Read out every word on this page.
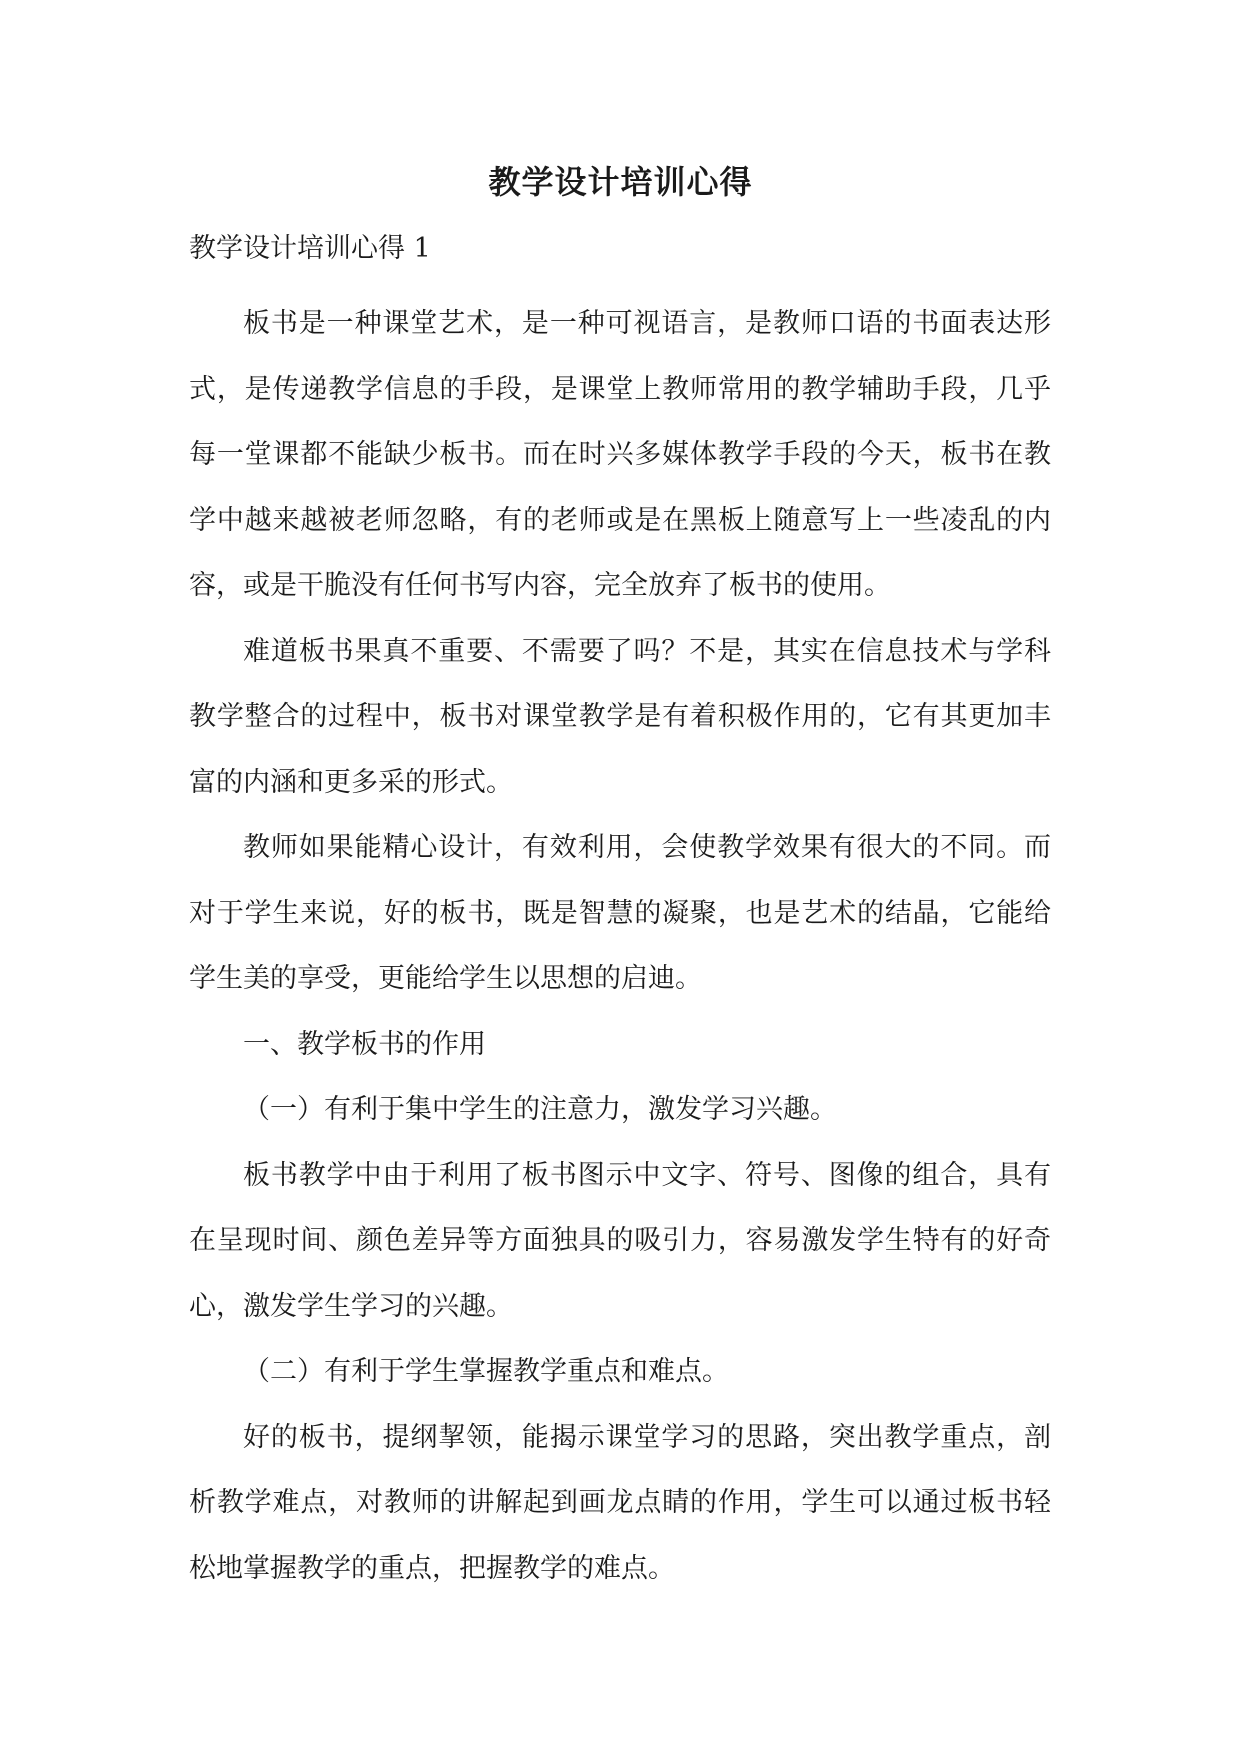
教学设计培训心得
教学设计培训心得 1

板书是一种课堂艺术，是一种可视语言，是教师口语的书面表达形式，是传递教学信息的手段，是课堂上教师常用的教学辅助手段，几乎每一堂课都不能缺少板书。而在时兴多媒体教学手段的今天，板书在教学中越来越被老师忽略，有的老师或是在黑板上随意写上一些凌乱的内容，或是干脆没有任何书写内容，完全放弃了板书的使用。

难道板书果真不重要、不需要了吗？不是，其实在信息技术与学科教学整合的过程中，板书对课堂教学是有着积极作用的，它有其更加丰富的内涵和更多采的形式。

教师如果能精心设计，有效利用，会使教学效果有很大的不同。而对于学生来说，好的板书，既是智慧的凝聚，也是艺术的结晶，它能给学生美的享受，更能给学生以思想的启迪。

一、教学板书的作用

（一）有利于集中学生的注意力，激发学习兴趣。

板书教学中由于利用了板书图示中文字、符号、图像的组合，具有在呈现时间、颜色差异等方面独具的吸引力，容易激发学生特有的好奇心，激发学生学习的兴趣。

（二）有利于学生掌握教学重点和难点。

好的板书，提纲挈领，能揭示课堂学习的思路，突出教学重点，剖析教学难点，对教师的讲解起到画龙点睛的作用，学生可以通过板书轻松地掌握教学的重点，把握教学的难点。
